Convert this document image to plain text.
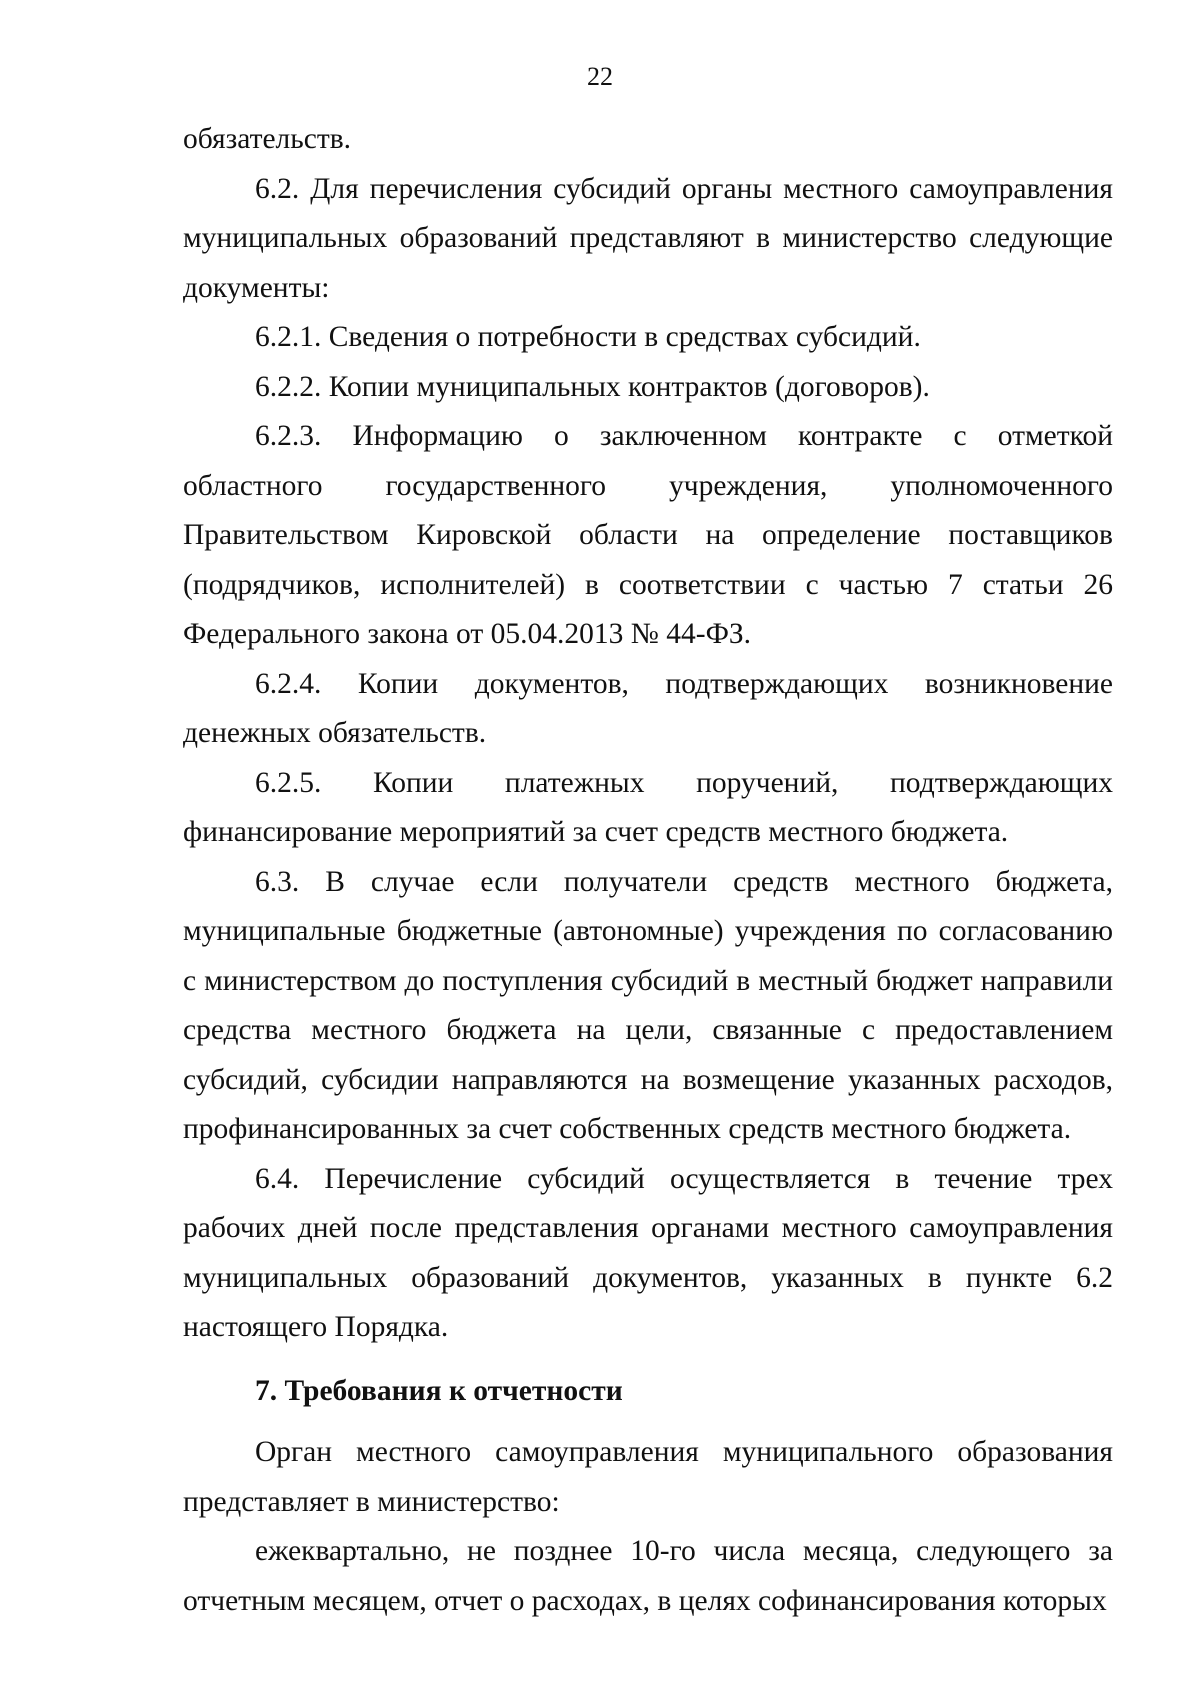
22

обязательств.

6.2. Для перечисления субсидий органы местного самоуправления муниципальных образований представляют в министерство следующие документы:

6.2.1. Сведения о потребности в средствах субсидий.

6.2.2. Копии муниципальных контрактов (договоров).

6.2.3. Информацию о заключенном контракте с отметкой областного государственного учреждения, уполномоченного Правительством Кировской области на определение поставщиков (подрядчиков, исполнителей) в соответствии с частью 7 статьи 26 Федерального закона от 05.04.2013 № 44-ФЗ.

6.2.4. Копии документов, подтверждающих возникновение денежных обязательств.

6.2.5. Копии платежных поручений, подтверждающих финансирование мероприятий за счет средств местного бюджета.

6.3. В случае если получатели средств местного бюджета, муниципальные бюджетные (автономные) учреждения по согласованию с министерством до поступления субсидий в местный бюджет направили средства местного бюджета на цели, связанные с предоставлением субсидий, субсидии направляются на возмещение указанных расходов, профинансированных за счет собственных средств местного бюджета.

6.4. Перечисление субсидий осуществляется в течение трех рабочих дней после представления органами местного самоуправления муниципальных образований документов, указанных в пункте 6.2 настоящего Порядка.

7. Требования к отчетности

Орган местного самоуправления муниципального образования представляет в министерство:

ежеквартально, не позднее 10-го числа месяца, следующего за отчетным месяцем, отчет о расходах, в целях софинансирования которых
